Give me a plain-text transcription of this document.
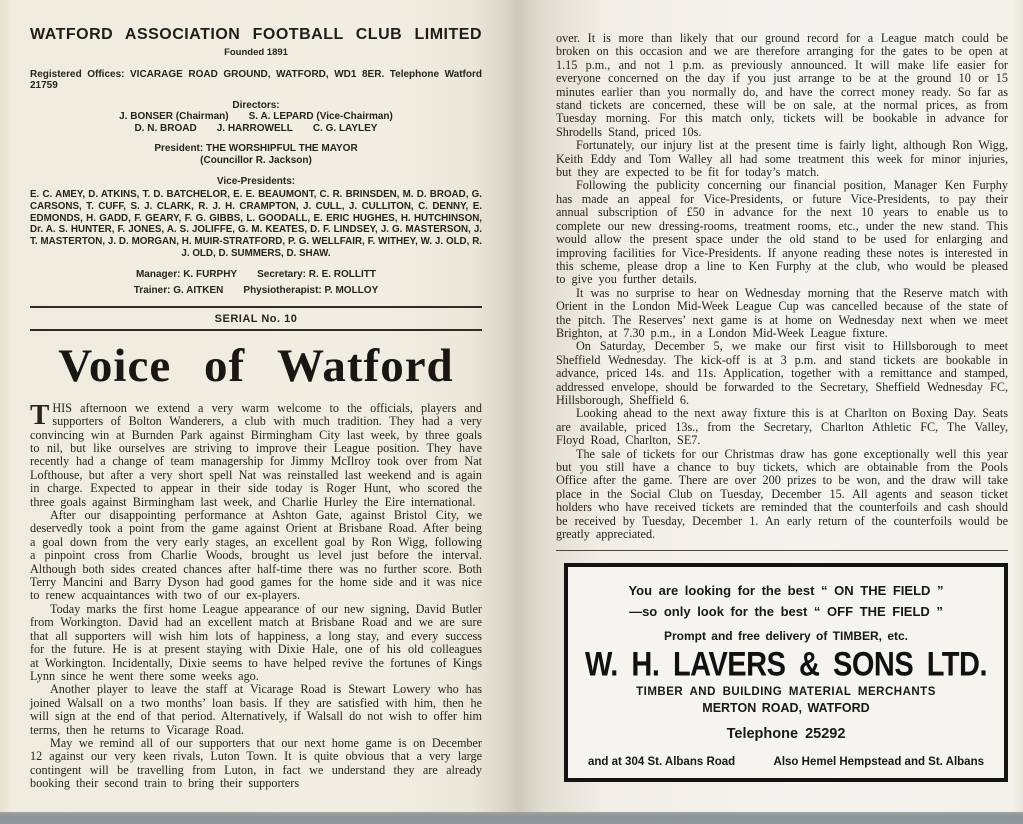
WATFORD ASSOCIATION FOOTBALL CLUB LIMITED
Founded 1891
Registered Offices: VICARAGE ROAD GROUND, WATFORD, WD1 8ER. Telephone Watford 21759
Directors:
J. BONSER (Chairman)  S. A. LEPARD (Vice-Chairman)
D. N. BROAD  J. HARROWELL  C. G. LAYLEY
President: THE WORSHIPFUL THE MAYOR
(Councillor R. Jackson)
Vice-Presidents:
E. C. AMEY, D. ATKINS, T. D. BATCHELOR, E. E. BEAUMONT, C. R. BRINSDEN, M. D. BROAD, G. CARSONS, T. CUFF, S. J. CLARK, R. J. H. CRAMPTON, J. CULL, J. CULLITON, C. DENNY, E. EDMONDS, H. GADD, F. GEARY, F. G. GIBBS, L. GOODALL, E. ERIC HUGHES, H. HUTCHINSON, Dr. A. S. HUNTER, F. JONES, A. S. JOLIFFE, G. M. KEATES, D. F. LINDSEY, J. G. MASTERSON, J. T. MASTERTON, J. D. MORGAN, H. MUIR-STRATFORD, P. G. WELLFAIR, F. WITHEY, W. J. OLD, R. J. OLD, D. SUMMERS, D. SHAW.
Manager: K. FURPHY  Secretary: R. E. ROLLITT
Trainer: G. AITKEN  Physiotherapist: P. MOLLOY
SERIAL No. 10
Voice of Watford

THIS afternoon we extend a very warm welcome to the officials, players and supporters of Bolton Wanderers, a club with much tradition. They had a very convincing win at Burnden Park against Birmingham City last week, by three goals to nil, but like ourselves are striving to improve their League position. They have recently had a change of team managership for Jimmy McIlroy took over from Nat Lofthouse, but after a very short spell Nat was reinstalled last weekend and is again in charge. Expected to appear in their side today is Roger Hunt, who scored the three goals against Birmingham last week, and Charlie Hurley the Eire international.

After our disappointing performance at Ashton Gate, against Bristol City, we deservedly took a point from the game against Orient at Brisbane Road. After being a goal down from the very early stages, an excellent goal by Ron Wigg, following a pinpoint cross from Charlie Woods, brought us level just before the interval. Although both sides created chances after half-time there was no further score. Both Terry Mancini and Barry Dyson had good games for the home side and it was nice to renew acquaintances with two of our ex-players.

Today marks the first home League appearance of our new signing, David Butler from Workington. David had an excellent match at Brisbane Road and we are sure that all supporters will wish him lots of happiness, a long stay, and every success for the future. He is at present staying with Dixie Hale, one of his old colleagues at Workington. Incidentally, Dixie seems to have helped revive the fortunes of Kings Lynn since he went there some weeks ago.

Another player to leave the staff at Vicarage Road is Stewart Lowery who has joined Walsall on a two months’ loan basis. If they are satisfied with him, then he will sign at the end of that period. Alternatively, if Walsall do not wish to offer him terms, then he returns to Vicarage Road.

May we remind all of our supporters that our next home game is on December 12 against our very keen rivals, Luton Town. It is quite obvious that a very large contingent will be travelling from Luton, in fact we understand they are already booking their second train to bring their supporters

over. It is more than likely that our ground record for a League match could be broken on this occasion and we are therefore arranging for the gates to be open at 1.15 p.m., and not 1 p.m. as previously announced. It will make life easier for everyone concerned on the day if you just arrange to be at the ground 10 or 15 minutes earlier than you normally do, and have the correct money ready. So far as stand tickets are concerned, these will be on sale, at the normal prices, as from Tuesday morning. For this match only, tickets will be bookable in advance for Shrodells Stand, priced 10s.

Fortunately, our injury list at the present time is fairly light, although Ron Wigg, Keith Eddy and Tom Walley all had some treatment this week for minor injuries, but they are expected to be fit for today’s match.

Following the publicity concerning our financial position, Manager Ken Furphy has made an appeal for Vice-Presidents, or future Vice-Presidents, to pay their annual subscription of £50 in advance for the next 10 years to enable us to complete our new dressing-rooms, treatment rooms, etc., under the new stand. This would allow the present space under the old stand to be used for enlarging and improving facilities for Vice-Presidents. If anyone reading these notes is interested in this scheme, please drop a line to Ken Furphy at the club, who would be pleased to give you further details.

It was no surprise to hear on Wednesday morning that the Reserve match with Orient in the London Mid-Week League Cup was cancelled because of the state of the pitch. The Reserves’ next game is at home on Wednesday next when we meet Brighton, at 7.30 p.m., in a London Mid-Week League fixture.

On Saturday, December 5, we make our first visit to Hillsborough to meet Sheffield Wednesday. The kick-off is at 3 p.m. and stand tickets are bookable in advance, priced 14s. and 11s. Application, together with a remittance and stamped, addressed envelope, should be forwarded to the Secretary, Sheffield Wednesday FC, Hillsborough, Sheffield 6.

Looking ahead to the next away fixture this is at Charlton on Boxing Day. Seats are available, priced 13s., from the Secretary, Charlton Athletic FC, The Valley, Floyd Road, Charlton, SE7.

The sale of tickets for our Christmas draw has gone exceptionally well this year but you still have a chance to buy tickets, which are obtainable from the Pools Office after the game. There are over 200 prizes to be won, and the draw will take place in the Social Club on Tuesday, December 15. All agents and season ticket holders who have received tickets are reminded that the counterfoils and cash should be received by Tuesday, December 1. An early return of the counterfoils would be greatly appreciated.

You are looking for the best “ ON THE FIELD ”
—so only look for the best “ OFF THE FIELD ”
Prompt and free delivery of TIMBER, etc.
W. H. LAVERS & SONS LTD.
TIMBER AND BUILDING MATERIAL MERCHANTS
MERTON ROAD, WATFORD
Telephone 25292
and at 304 St. Albans Road	Also Hemel Hempstead and St. Albans
